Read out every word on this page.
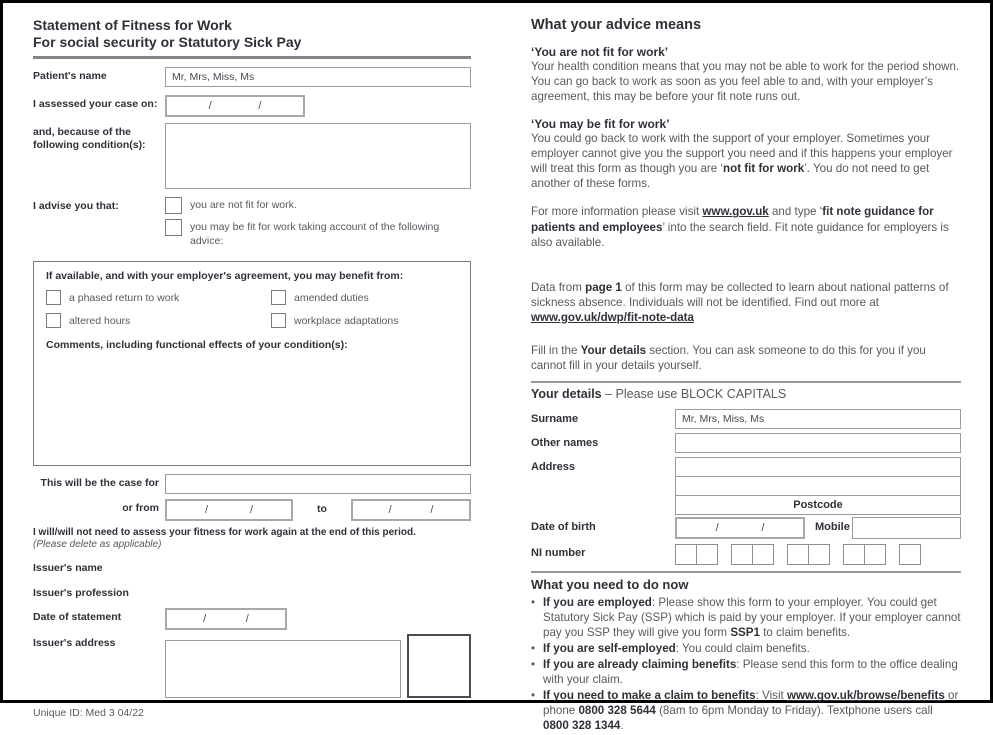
Statement of Fitness for Work
For social security or Statutory Sick Pay
Patient's name	Mr, Mrs, Miss, Ms
I assessed your case on:	/	/
and, because of the following condition(s):
I advise you that:	you are not fit for work.
you may be fit for work taking account of the following advice:
If available, and with your employer's agreement, you may benefit from:
a phased return to work	amended duties
altered hours	workplace adaptations
Comments, including functional effects of your condition(s):
This will be the case for
or from	/	/	to	/	/
I will/will not need to assess your fitness for work again at the end of this period.
(Please delete as applicable)
Issuer's name
Issuer's profession
Date of statement	/	/
Issuer's address
Unique ID: Med 3 04/22
What your advice means
‘You are not fit for work’

Your health condition means that you may not be able to work for the period shown. You can go back to work as soon as you feel able to and, with your employer’s agreement, this may be before your fit note runs out.

‘You may be fit for work’

You could go back to work with the support of your employer. Sometimes your employer cannot give you the support you need and if this happens your employer will treat this form as though you are ‘not fit for work’. You do not need to get another of these forms.

For more information please visit www.gov.uk and type ‘fit note guidance for patients and employees’ into the search field. Fit note guidance for employers is also available.

Data from page 1 of this form may be collected to learn about national patterns of sickness absence. Individuals will not be identified. Find out more at www.gov.uk/dwp/fit-note-data

Fill in the Your details section. You can ask someone to do this for you if you cannot fill in your details yourself.

Your details – Please use BLOCK CAPITALS
Surname	Mr, Mrs, Miss, Ms
Other names
Address
Postcode
Date of birth	/	/	Mobile
NI number
What you need to do now
• If you are employed: Please show this form to your employer. You could get Statutory Sick Pay (SSP) which is paid by your employer. If your employer cannot pay you SSP they will give you form SSP1 to claim benefits.
• If you are self-employed: You could claim benefits.
• If you are already claiming benefits: Please send this form to the office dealing with your claim.
• If you need to make a claim to benefits: Visit www.gov.uk/browse/benefits or phone 0800 328 5644 (8am to 6pm Monday to Friday). Textphone users call 0800 328 1344.
